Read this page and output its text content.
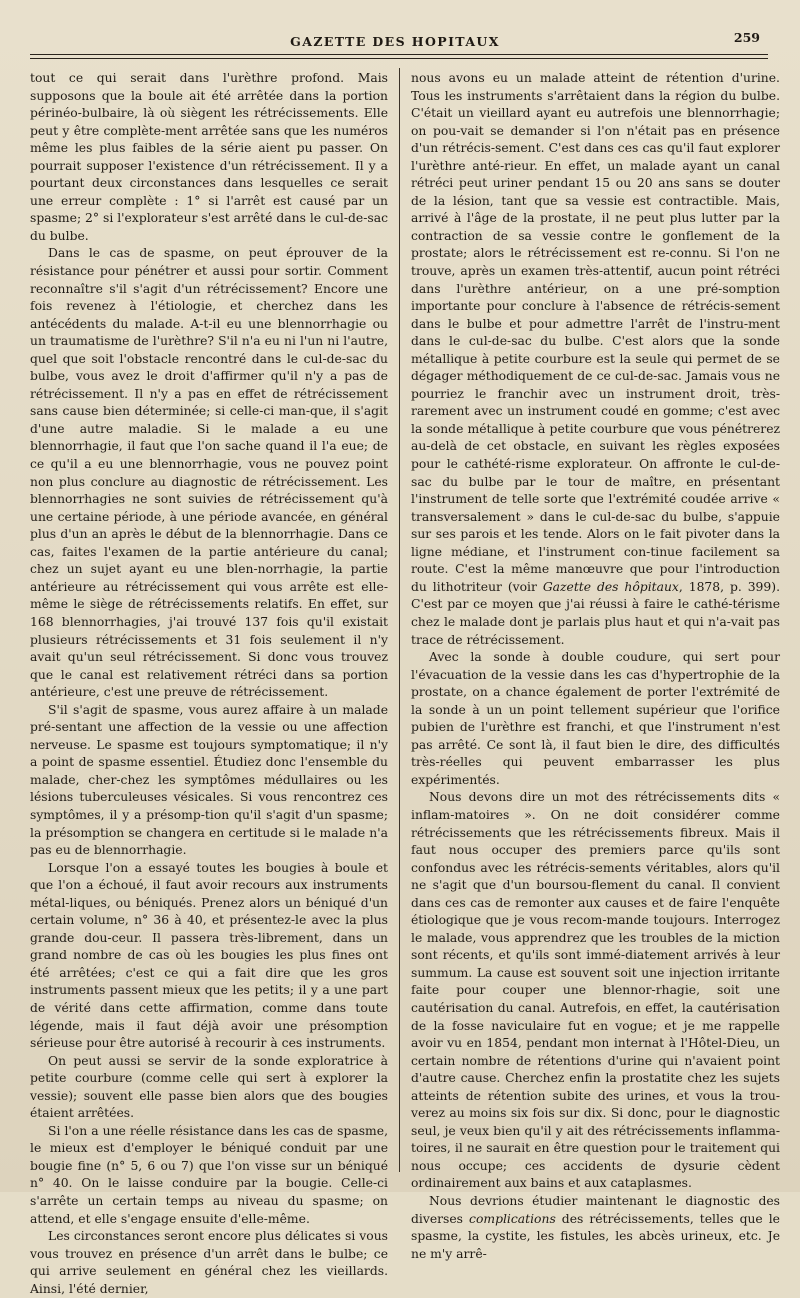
GAZETTE DES HOPITAUX	259

tout ce qui serait dans l'urèthre profond. Mais supposons que la boule ait été arrêtée dans la portion périnéo-bulbaire, là où siègent les rétrécissements. Elle peut y être complète-ment arrêtée sans que les numéros même les plus faibles de la série aient pu passer. On pourrait supposer l'existence d'un rétrécissement. Il y a pourtant deux circonstances dans lesquelles ce serait une erreur complète : 1° si l'arrêt est causé par un spasme; 2° si l'explorateur s'est arrêté dans le cul-de-sac du bulbe.

Dans le cas de spasme, on peut éprouver de la résistance pour pénétrer et aussi pour sortir. Comment reconnaître s'il s'agit d'un rétrécissement? Encore une fois revenez à l'étiologie, et cherchez dans les antécédents du malade. A-t-il eu une blennorrhagie ou un traumatisme de l'urèthre? S'il n'a eu ni l'un ni l'autre, quel que soit l'obstacle rencontré dans le cul-de-sac du bulbe, vous avez le droit d'affirmer qu'il n'y a pas de rétrécissement. Il n'y a pas en effet de rétrécissement sans cause bien déterminée; si celle-ci man-que, il s'agit d'une autre maladie. Si le malade a eu une blennorrhagie, il faut que l'on sache quand il l'a eue; de ce qu'il a eu une blennorrhagie, vous ne pouvez point non plus conclure au diagnostic de rétrécissement. Les blennorrhagies ne sont suivies de rétrécissement qu'à une certaine période, à une période avancée, en général plus d'un an après le début de la blennorrhagie. Dans ce cas, faites l'examen de la partie antérieure du canal; chez un sujet ayant eu une blen-norrhagie, la partie antérieure au rétrécissement qui vous arrête est elle-même le siège de rétrécissements relatifs. En effet, sur 168 blennorrhagies, j'ai trouvé 137 fois qu'il existait plusieurs rétrécissements et 31 fois seulement il n'y avait qu'un seul rétrécissement. Si donc vous trouvez que le canal est relativement rétréci dans sa portion antérieure, c'est une preuve de rétrécissement.

S'il s'agit de spasme, vous aurez affaire à un malade pré-sentant une affection de la vessie ou une affection nerveuse. Le spasme est toujours symptomatique; il n'y a point de spasme essentiel. Étudiez donc l'ensemble du malade, cher-chez les symptômes médullaires ou les lésions tuberculeuses vésicales. Si vous rencontrez ces symptômes, il y a présomp-tion qu'il s'agit d'un spasme; la présomption se changera en certitude si le malade n'a pas eu de blennorrhagie.

Lorsque l'on a essayé toutes les bougies à boule et que l'on a échoué, il faut avoir recours aux instruments métal-liques, ou béniqués. Prenez alors un béniqué d'un certain volume, n° 36 à 40, et présentez-le avec la plus grande dou-ceur. Il passera très-librement, dans un grand nombre de cas où les bougies les plus fines ont été arrêtées; c'est ce qui a fait dire que les gros instruments passent mieux que les petits; il y a une part de vérité dans cette affirmation, comme dans toute légende, mais il faut déjà avoir une présomption sérieuse pour être autorisé à recourir à ces instruments.

On peut aussi se servir de la sonde exploratrice à petite courbure (comme celle qui sert à explorer la vessie); souvent elle passe bien alors que des bougies étaient arrêtées.

Si l'on a une réelle résistance dans les cas de spasme, le mieux est d'employer le béniqué conduit par une bougie fine (n° 5, 6 ou 7) que l'on visse sur un béniqué n° 40. On le laisse conduire par la bougie. Celle-ci s'arrête un certain temps au niveau du spasme; on attend, et elle s'engage ensuite d'elle-même.

Les circonstances seront encore plus délicates si vous vous trouvez en présence d'un arrêt dans le bulbe; ce qui arrive seulement en général chez les vieillards. Ainsi, l'été dernier,

nous avons eu un malade atteint de rétention d'urine. Tous les instruments s'arrêtaient dans la région du bulbe. C'était un vieillard ayant eu autrefois une blennorrhagie; on pou-vait se demander si l'on n'était pas en présence d'un rétrécis-sement. C'est dans ces cas qu'il faut explorer l'urèthre anté-rieur. En effet, un malade ayant un canal rétréci peut uriner pendant 15 ou 20 ans sans se douter de la lésion, tant que sa vessie est contractible. Mais, arrivé à l'âge de la prostate, il ne peut plus lutter par la contraction de sa vessie contre le gonflement de la prostate; alors le rétrécissement est re-connu. Si l'on ne trouve, après un examen très-attentif, aucun point rétréci dans l'urèthre antérieur, on a une pré-somption importante pour conclure à l'absence de rétrécis-sement dans le bulbe et pour admettre l'arrêt de l'instru-ment dans le cul-de-sac du bulbe. C'est alors que la sonde métallique à petite courbure est la seule qui permet de se dégager méthodiquement de ce cul-de-sac. Jamais vous ne pourriez le franchir avec un instrument droit, très-rarement avec un instrument coudé en gomme; c'est avec la sonde métallique à petite courbure que vous pénétrerez au-delà de cet obstacle, en suivant les règles exposées pour le cathété-risme explorateur. On affronte le cul-de-sac du bulbe par le tour de maître, en présentant l'instrument de telle sorte que l'extrémité coudée arrive « transversalement » dans le cul-de-sac du bulbe, s'appuie sur ses parois et les tende. Alors on le fait pivoter dans la ligne médiane, et l'instrument con-tinue facilement sa route. C'est la même manœuvre que pour l'introduction du lithotriteur (voir Gazette des hôpitaux, 1878, p. 399). C'est par ce moyen que j'ai réussi à faire le cathé-térisme chez le malade dont je parlais plus haut et qui n'a-vait pas trace de rétrécissement.

Avec la sonde à double coudure, qui sert pour l'évacuation de la vessie dans les cas d'hypertrophie de la prostate, on a chance également de porter l'extrémité de la sonde à un un point tellement supérieur que l'orifice pubien de l'urèthre est franchi, et que l'instrument n'est pas arrêté. Ce sont là, il faut bien le dire, des difficultés très-réelles qui peuvent embarrasser les plus expérimentés.

Nous devons dire un mot des rétrécissements dits « inflam-matoires ». On ne doit considérer comme rétrécissements que les rétrécissements fibreux. Mais il faut nous occuper des premiers parce qu'ils sont confondus avec les rétrécis-sements véritables, alors qu'il ne s'agit que d'un boursou-flement du canal. Il convient dans ces cas de remonter aux causes et de faire l'enquête étiologique que je vous recom-mande toujours. Interrogez le malade, vous apprendrez que les troubles de la miction sont récents, et qu'ils sont immé-diatement arrivés à leur summum. La cause est souvent soit une injection irritante faite pour couper une blennor-rhagie, soit une cautérisation du canal. Autrefois, en effet, la cautérisation de la fosse naviculaire fut en vogue; et je me rappelle avoir vu en 1854, pendant mon internat à l'Hôtel-Dieu, un certain nombre de rétentions d'urine qui n'avaient point d'autre cause. Cherchez enfin la prostatite chez les sujets atteints de rétention subite des urines, et vous la trou-verez au moins six fois sur dix. Si donc, pour le diagnostic seul, je veux bien qu'il y ait des rétrécissements inflamma-toires, il ne saurait en être question pour le traitement qui nous occupe; ces accidents de dysurie cèdent ordinairement aux bains et aux cataplasmes.

Nous devrions étudier maintenant le diagnostic des diverses complications des rétrécissements, telles que le spasme, la cystite, les fistules, les abcès urineux, etc. Je ne m'y arrê-
